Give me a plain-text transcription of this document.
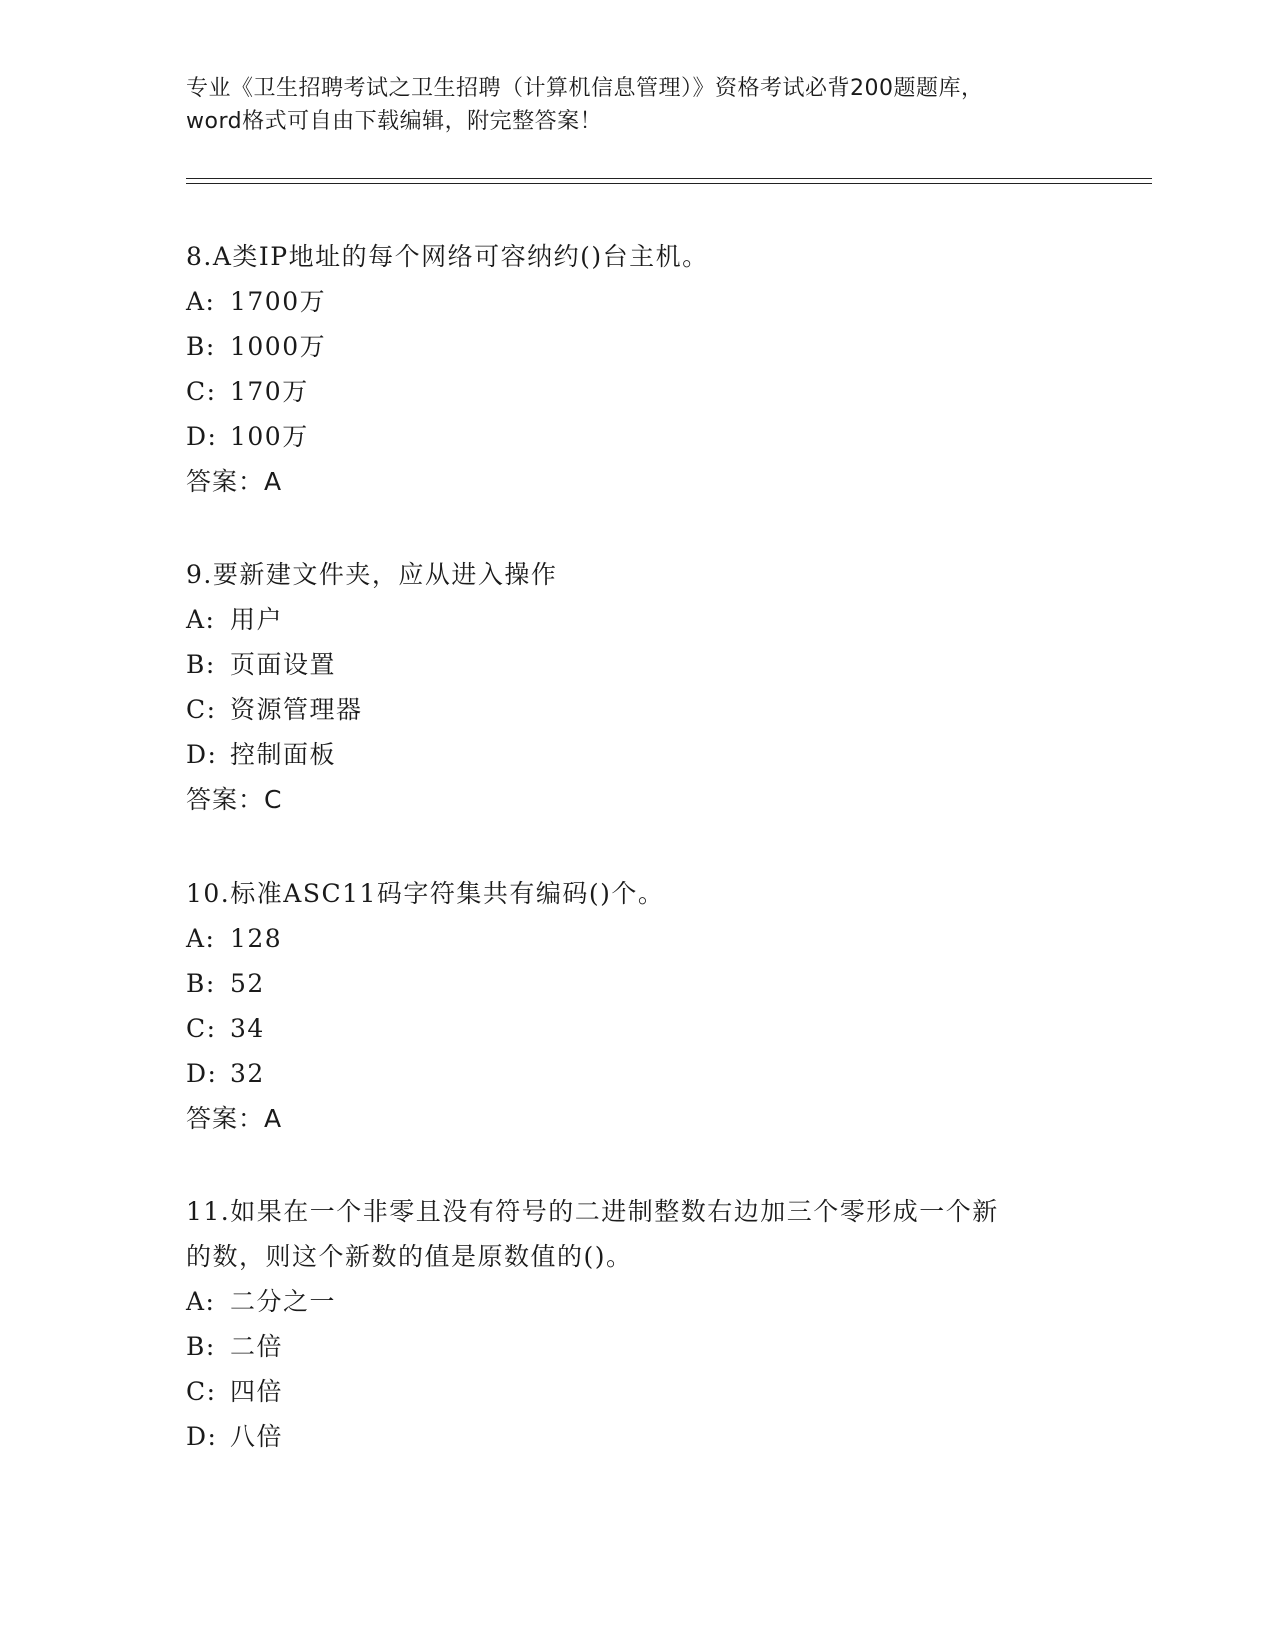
专业《卫生招聘考试之卫生招聘（计算机信息管理）》资格考试必背200题题库，
word格式可自由下载编辑，附完整答案！
8.A类IP地址的每个网络可容纳约()台主机。
A: 1700万
B: 1000万
C: 170万
D: 100万
答案：A
9.要新建文件夹，应从进入操作
A: 用户
B: 页面设置
C: 资源管理器
D: 控制面板
答案：C
10.标准ASC11码字符集共有编码()个。
A: 128
B: 52
C: 34
D: 32
答案：A
11.如果在一个非零且没有符号的二进制整数右边加三个零形成一个新
的数，则这个新数的值是原数值的()。
A: 二分之一
B: 二倍
C: 四倍
D: 八倍
